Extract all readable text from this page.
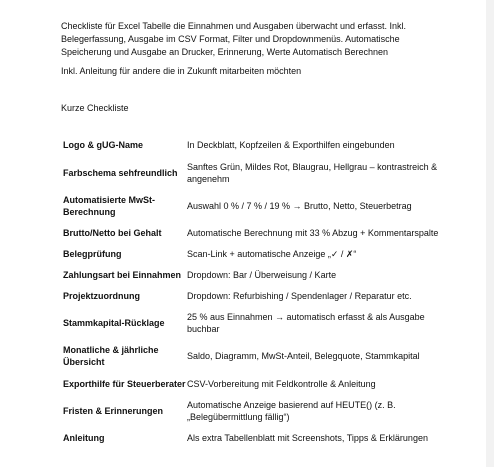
Checkliste für Excel Tabelle die Einnahmen und Ausgaben überwacht und erfasst. Inkl. Belegerfassung, Ausgabe im CSV Format, Filter und Dropdownmenüs. Automatische Speicherung und Ausgabe an Drucker, Erinnerung, Werte Automatisch Berechnen

Inkl. Anleitung für andere die in Zukunft mitarbeiten möchten

Kurze Checkliste

Logo & gUG-Name	In Deckblatt, Kopfzeilen & Exporthilfen eingebunden
Farbschema sehfreundlich	Sanftes Grün, Mildes Rot, Blaugrau, Hellgrau – kontrastreich & angenehm
Automatisierte MwSt-Berechnung	Auswahl 0 % / 7 % / 19 % → Brutto, Netto, Steuerbetrag
Brutto/Netto bei Gehalt	Automatische Berechnung mit 33 % Abzug + Kommentarspalte
Belegprüfung	Scan-Link + automatische Anzeige „✓ / ✗“
Zahlungsart bei Einnahmen	Dropdown: Bar / Überweisung / Karte
Projektzuordnung	Dropdown: Refurbishing / Spendenlager / Reparatur etc.
Stammkapital-Rücklage	25 % aus Einnahmen → automatisch erfasst & als Ausgabe buchbar
Monatliche & jährliche Übersicht	Saldo, Diagramm, MwSt-Anteil, Belegquote, Stammkapital
Exporthilfe für Steuerberater	CSV-Vorbereitung mit Feldkontrolle & Anleitung
Fristen & Erinnerungen	Automatische Anzeige basierend auf HEUTE() (z. B. „Belegübermittlung fällig“)
Anleitung	Als extra Tabellenblatt mit Screenshots, Tipps & Erklärungen
